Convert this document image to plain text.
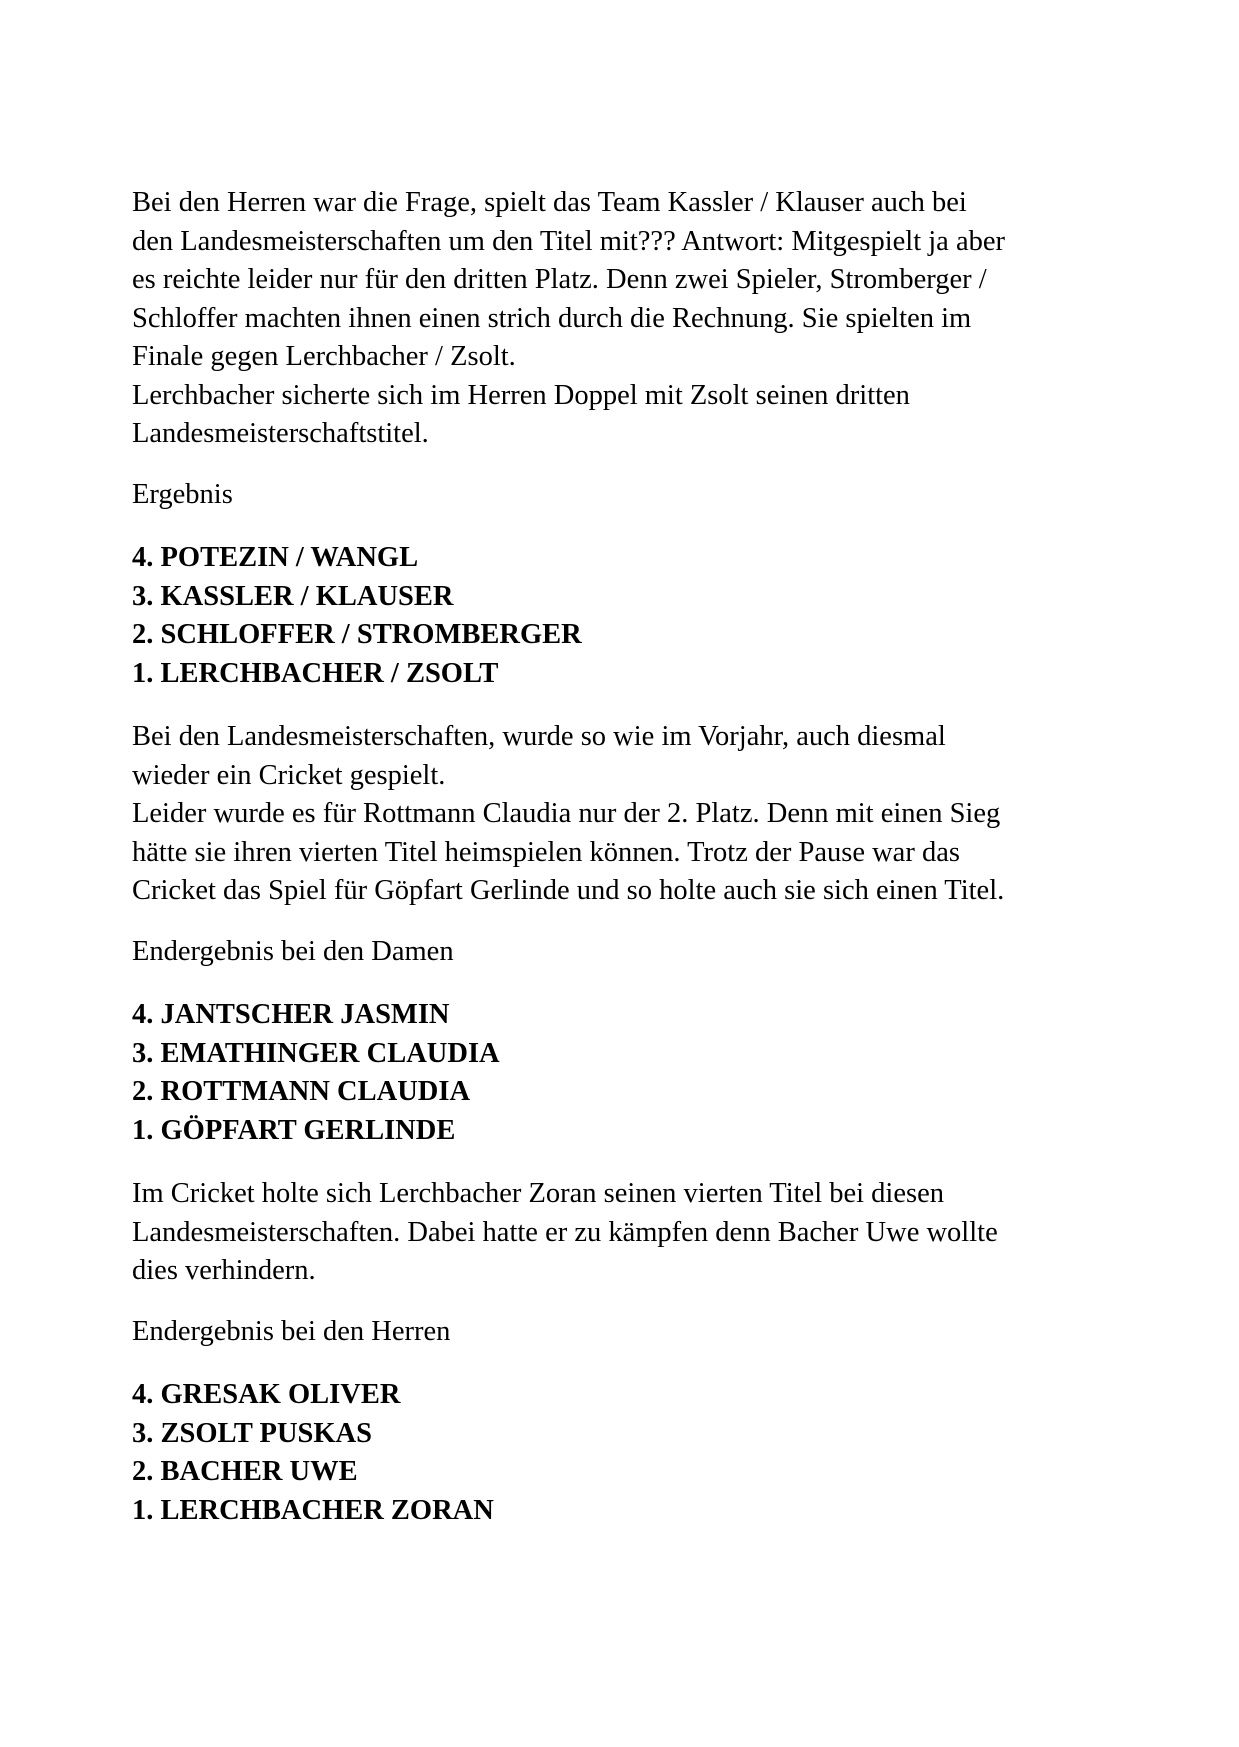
Bei den Herren war die Frage, spielt das Team Kassler / Klauser auch bei
den Landesmeisterschaften um den Titel mit??? Antwort: Mitgespielt ja aber
es reichte leider nur für den dritten Platz. Denn zwei Spieler, Stromberger /
Schloffer machten ihnen einen strich durch die Rechnung. Sie spielten im
Finale gegen Lerchbacher / Zsolt.
Lerchbacher sicherte sich im Herren Doppel mit Zsolt seinen dritten
Landesmeisterschaftstitel.

Ergebnis

4. POTEZIN / WANGL
3. KASSLER / KLAUSER
2. SCHLOFFER / STROMBERGER
1. LERCHBACHER / ZSOLT

Bei den Landesmeisterschaften, wurde so wie im Vorjahr, auch diesmal
wieder ein Cricket gespielt.
Leider wurde es für Rottmann Claudia nur der 2. Platz. Denn mit einen Sieg
hätte sie ihren vierten Titel heimspielen können. Trotz der Pause war das
Cricket das Spiel für Göpfart Gerlinde und so holte auch sie sich einen Titel.

Endergebnis bei den Damen

4. JANTSCHER JASMIN
3. EMATHINGER CLAUDIA
2. ROTTMANN CLAUDIA
1. GÖPFART GERLINDE

Im Cricket holte sich Lerchbacher Zoran seinen vierten Titel bei diesen
Landesmeisterschaften. Dabei hatte er zu kämpfen denn Bacher Uwe wollte
dies verhindern.

Endergebnis bei den Herren

4. GRESAK OLIVER
3. ZSOLT PUSKAS
2. BACHER UWE
1. LERCHBACHER ZORAN
